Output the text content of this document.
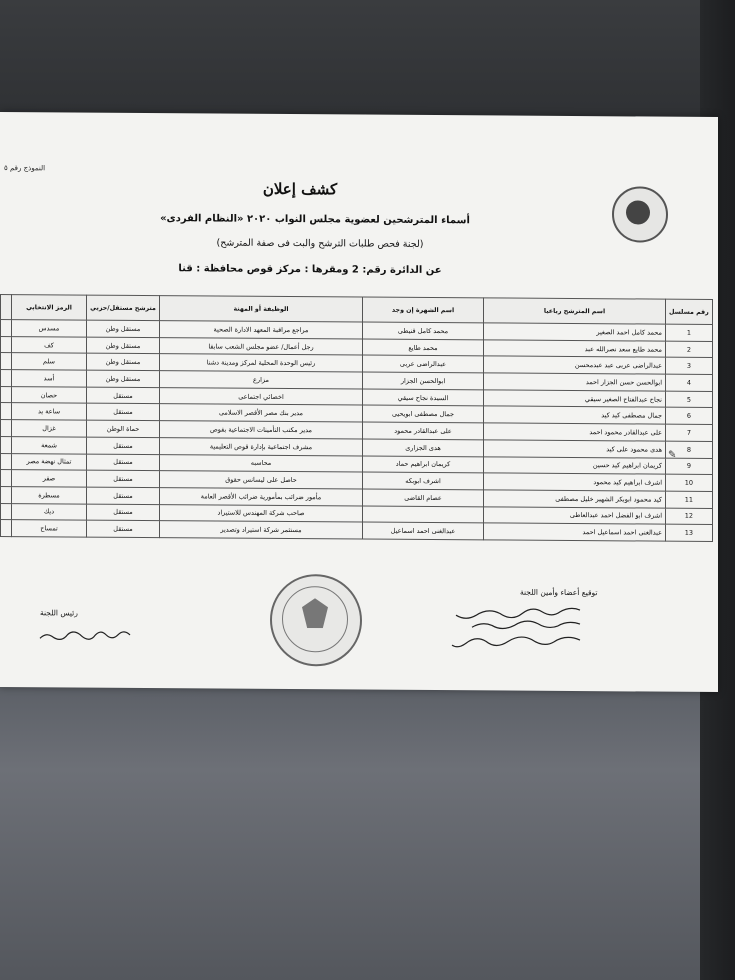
النموذج رقم ٥
كشف إعلان
أسماء المترشحين لعضوية مجلس النواب ٢٠٢٠ «النظام الفردى»
(لجنة فحص طلبات الترشح والبت فى صفة المترشح)
عن الدائرة رقم: 2 ومقرها : مركز قوص محافظة : قنا
رقم مسلسل	اسم المترشح رباعيا	اسم الشهرة إن وجد	الوظيفة أو المهنة	مترشح مستقل/حزبي	الرمز الانتخابي	
1	محمد كامل احمد الصغير	محمد كامل قنيطى	مراجع مراقبة المعهد الادارة الصحية	مستقل وطن	مسدس	
2	محمد طايع سعد نصرالله عبد	محمد طايع	رجل أعمال/ عضو مجلس الشعب سابقا	مستقل وطن	كف	
3	عبدالراضى عربى عبد عبدمحسن	عبدالراضى عربى	رئيس الوحدة المحلية لمركز ومدينة دشنا	مستقل وطن	سلم	
4	ابوالحسن حسن الجزار احمد	ابوالحسن الجزار	مزارع	مستقل وطن	أسد	
5	نجاح عبدالفتاح الصغير سيقي	السيدة نجاح سيقي	اخصائي اجتماعى	مستقل	حصان	
6	جمال مصطفى كيد كيد	جمال مصطفى ابويحيى	مدير بنك مصر الأقصر الاسلامى	مستقل	ساعة يد	
7	على عبدالقادر محمود احمد	على عبدالقادر محمود	مدير مكتب التأمينات الاجتماعية بقوص	حماة الوطن	غزال	
8	هدى محمود على كيد	هدى الجزارى	مشرف اجتماعية بإدارة قوص التعليمية	مستقل	شمعة	
9	كريمان ابراهيم كيد حسين	كريمان ابراهيم حماد	محاسبه	مستقل	تمثال نهضة مصر	
10	اشرف ابراهيم كيد محمود	اشرف ابوبكه	حاصل على ليسانس حقوق	مستقل	صقر	
11	كيد محمود ابوبكر الشهير خليل مصطفى	عصام القاضى	مأمور ضرائب بمأمورية ضرائب الأقصر العامة	مستقل	مسطرة	
12	اشرف ابو الفضل احمد عبدالعاطى		صاحب شركة المهندس للاستيراد	مستقل	ديك	
13	عبدالغنى احمد اسماعيل احمد	عبدالغنى احمد اسماعيل	مستثمر شركة استيراد وتصدير	مستقل	تمساح	
توقيع أعضاء وأمين اللجنة
رئيس اللجنة
✎
